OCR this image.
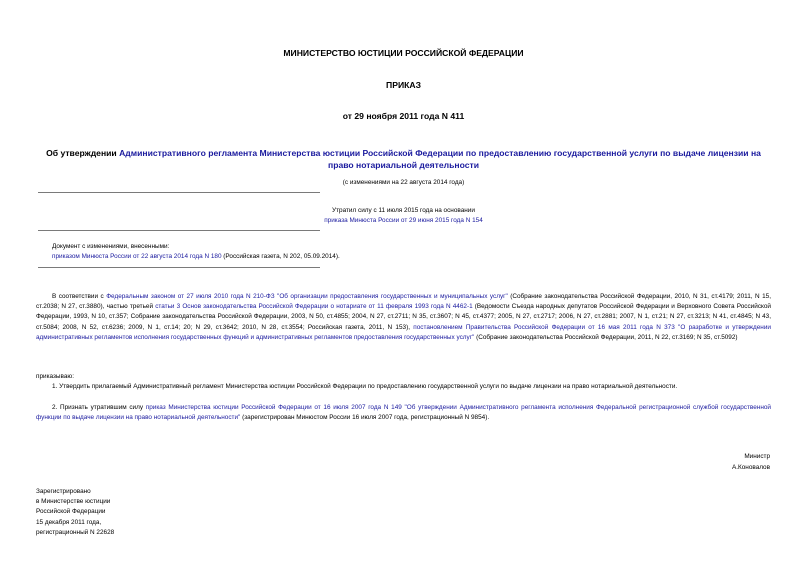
МИНИСТЕРСТВО ЮСТИЦИИ РОССИЙСКОЙ ФЕДЕРАЦИИ
ПРИКАЗ
от 29 ноября 2011 года N 411
Об утверждении Административного регламента Министерства юстиции Российской Федерации по предоставлению государственной услуги по выдаче лицензии на право нотариальной деятельности
(с изменениями на 22 августа 2014 года)
Утратил силу с 11 июля 2015 года на основании
приказа Минюста России от 29 июня 2015 года N 154
Документ с изменениями, внесенными:
приказом Минюста России от 22 августа 2014 года N 180 (Российская газета, N 202, 05.09.2014).
В соответствии с Федеральным законом от 27 июля 2010 года N 210-ФЗ "Об организации предоставления государственных и муниципальных услуг" (Собрание законодательства Российской Федерации, 2010, N 31, ст.4179; 2011, N 15, ст.2038; N 27, ст.3880), частью третьей статьи 3 Основ законодательства Российской Федерации о нотариате от 11 февраля 1993 года N 4462-1 (Ведомости Съезда народных депутатов Российской Федерации и Верховного Совета Российской Федерации, 1993, N 10, ст.357; Собрание законодательства Российской Федерации, 2003, N 50, ст.4855; 2004, N 27, ст.2711; N 35, ст.3607; N 45, ст.4377; 2005, N 27, ст.2717; 2006, N 27, ст.2881; 2007, N 1, ст.21; N 27, ст.3213; N 41, ст.4845; N 43, ст.5084; 2008, N 52, ст.6236; 2009, N 1, ст.14; 20; N 29, ст.3642; 2010, N 28, ст.3554; Российская газета, 2011, N 153), постановлением Правительства Российской Федерации от 16 мая 2011 года N 373 "О разработке и утверждении административных регламентов исполнения государственных функций и административных регламентов предоставления государственных услуг" (Собрание законодательства Российской Федерации, 2011, N 22, ст.3169; N 35, ст.5092)
приказываю:
1. Утвердить прилагаемый Административный регламент Министерства юстиции Российской Федерации по предоставлению государственной услуги по выдаче лицензии на право нотариальной деятельности.
2. Признать утратившим силу приказ Министерства юстиции Российской Федерации от 16 июля 2007 года N 149 "Об утверждении Административного регламента исполнения Федеральной регистрационной службой государственной функции по выдаче лицензии на право нотариальной деятельности" (зарегистрирован Минюстом России 16 июля 2007 года, регистрационный N 9854).
Министр
А.Коновалов
Зарегистрировано
в Министерстве юстиции
Российской Федерации
15 декабря 2011 года,
регистрационный N 22628
